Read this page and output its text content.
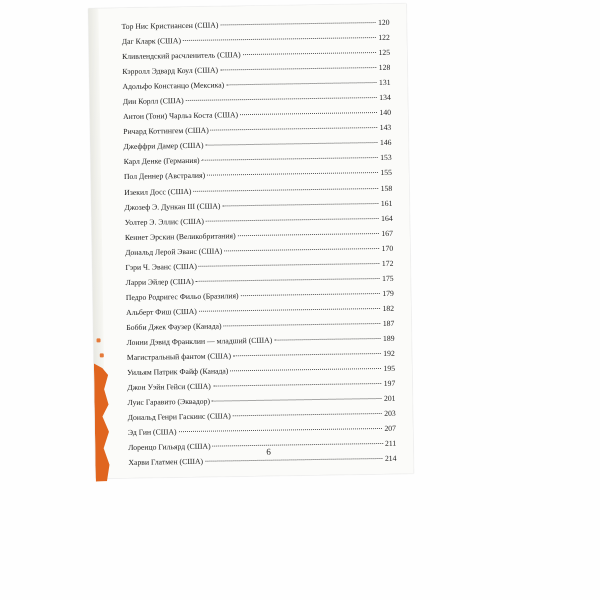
Тор Нис Кристиансен (США)	120
Даг Кларк (США)	122
Кливлендский расчленитель (США)	125
Кэрролл Эдвард Коул (США)	128
Адольфо Констанцо (Мексика)	131
Дин Корлл (США)	134
Антон (Тони) Чарльз Коста (США)	140
Ричард Коттингем (США)	143
Джеффри Дамер (США)	146
Карл Денке (Германия)	153
Пол Деннер (Австралия)	155
Изекил Досс (США)	158
Джозеф Э. Дункан III (США)	161
Уолтер Э. Эллис (США)	164
Кеннет Эрскин (Великобритания)	167
Дональд Лерой Эванс (США)	170
Гэри Ч. Эванс (США)	172
Ларри Эйлер (США)	175
Педро Родригес Фильо (Бразилия)	179
Альберт Фиш (США)	182
Бобби Джек Фаузер (Канада)	187
Лонни Дэвид Франклин — младший (США)	189
Магистральный фантом (США)	192
Уильям Патрик Файф (Канада)	195
Джон Уэйн Гейси (США)	197
Луис Гаравито (Эквадор)	201
Дональд Генри Гаскинс (США)	203
Эд Гин (США)	207
Лоренцо Гильярд (США)	211
Харви Глатмен (США)	214
6
